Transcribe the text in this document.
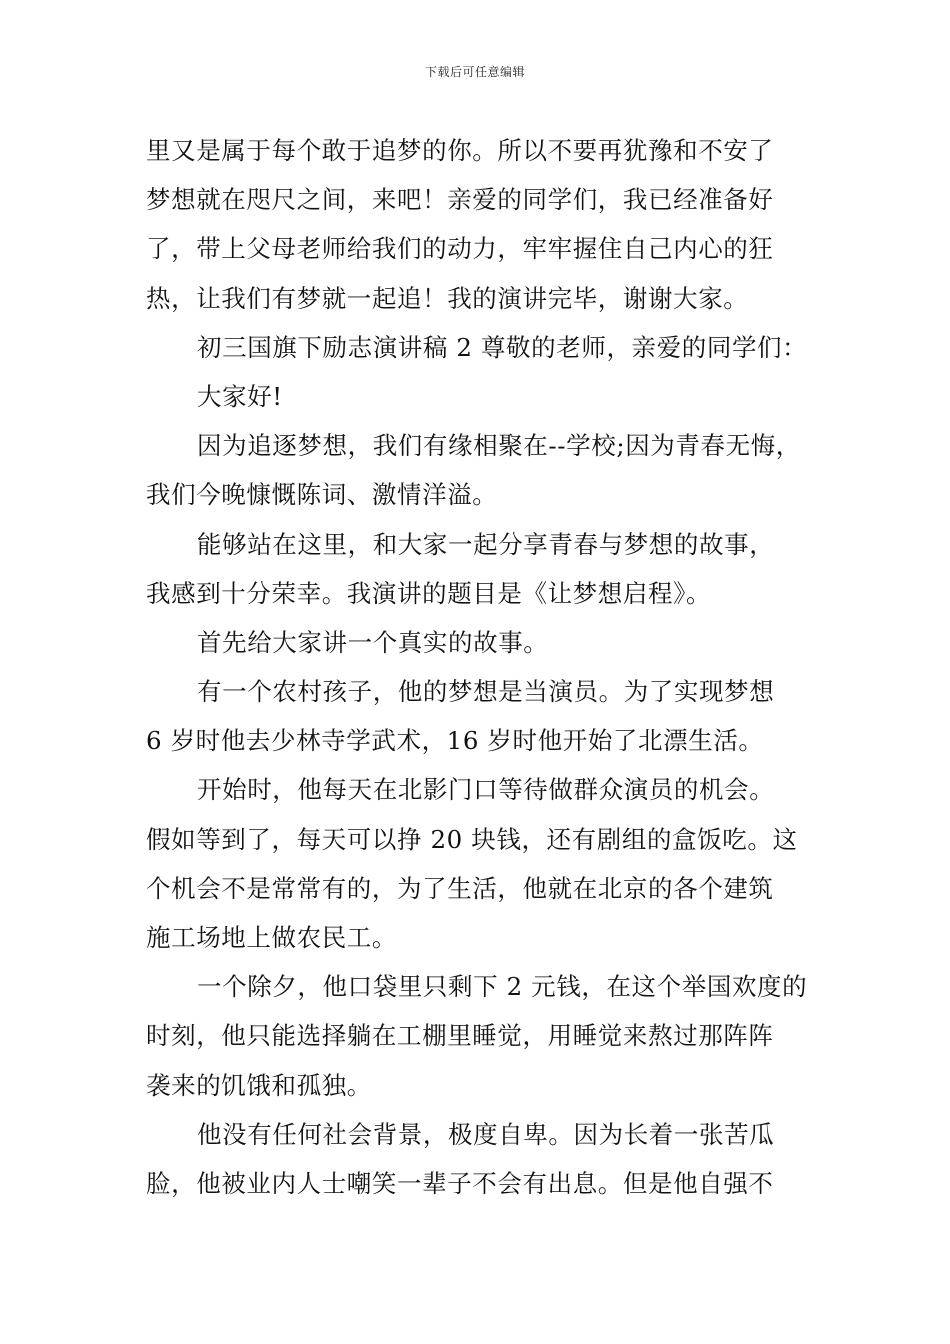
下载后可任意编辑
里又是属于每个敢于追梦的你。所以不要再犹豫和不安了
梦想就在咫尺之间，来吧！亲爱的同学们，我已经准备好
了，带上父母老师给我们的动力，牢牢握住自己内心的狂
热，让我们有梦就一起追！我的演讲完毕，谢谢大家。
初三国旗下励志演讲稿 2 尊敬的老师，亲爱的同学们：
大家好!
因为追逐梦想，我们有缘相聚在--学校;因为青春无悔，
我们今晚慷慨陈词、激情洋溢。
能够站在这里，和大家一起分享青春与梦想的故事，
我感到十分荣幸。我演讲的题目是《让梦想启程》。
首先给大家讲一个真实的故事。
有一个农村孩子，他的梦想是当演员。为了实现梦想
6 岁时他去少林寺学武术，16 岁时他开始了北漂生活。
开始时，他每天在北影门口等待做群众演员的机会。
假如等到了，每天可以挣 20 块钱，还有剧组的盒饭吃。这
个机会不是常常有的，为了生活，他就在北京的各个建筑
施工场地上做农民工。
一个除夕，他口袋里只剩下 2 元钱，在这个举国欢度的
时刻，他只能选择躺在工棚里睡觉，用睡觉来熬过那阵阵
袭来的饥饿和孤独。
他没有任何社会背景，极度自卑。因为长着一张苦瓜
脸，他被业内人士嘲笑一辈子不会有出息。但是他自强不
